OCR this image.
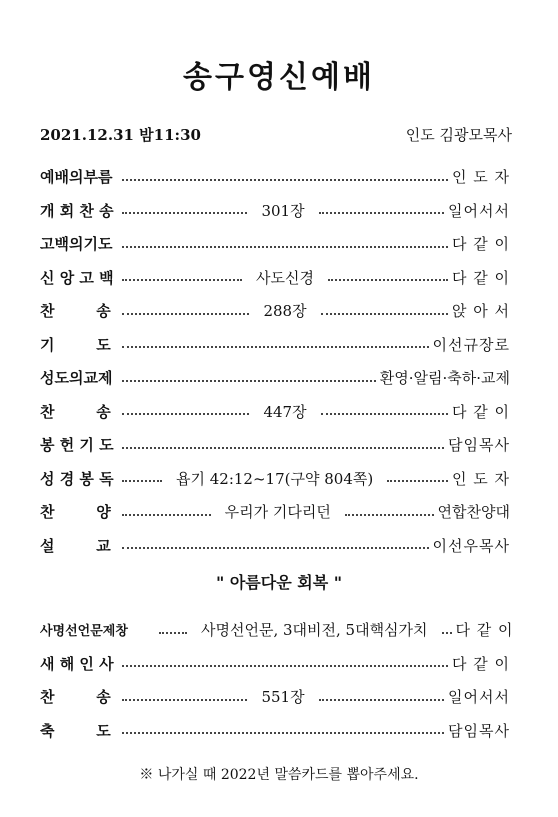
송구영신예배
2021.12.31 밤11:30	인도 김광모목사
예배의부름	인 도 자
개 회 찬 송	301장	일어서서
고백의기도	다 같 이
신 앙 고 백	사도신경	다 같 이
찬        송	288장	앉 아 서
기        도	이선규장로
성도의교제	환영·알림·축하·교제
찬        송	447장	다 같 이
봉 헌 기 도	담임목사
성 경 봉 독	욥기 42:12~17(구약 804쪽)	인 도 자
찬        양	우리가 기다리던	연합찬양대
설        교	이선우목사
" 아름다운 회복 "
사명선언문제창	사명선언문, 3대비전, 5대핵심가치	다 같 이
새 해 인 사	다 같 이
찬        송	551장	일어서서
축        도	담임목사
※ 나가실 때 2022년 말씀카드를 뽑아주세요.
